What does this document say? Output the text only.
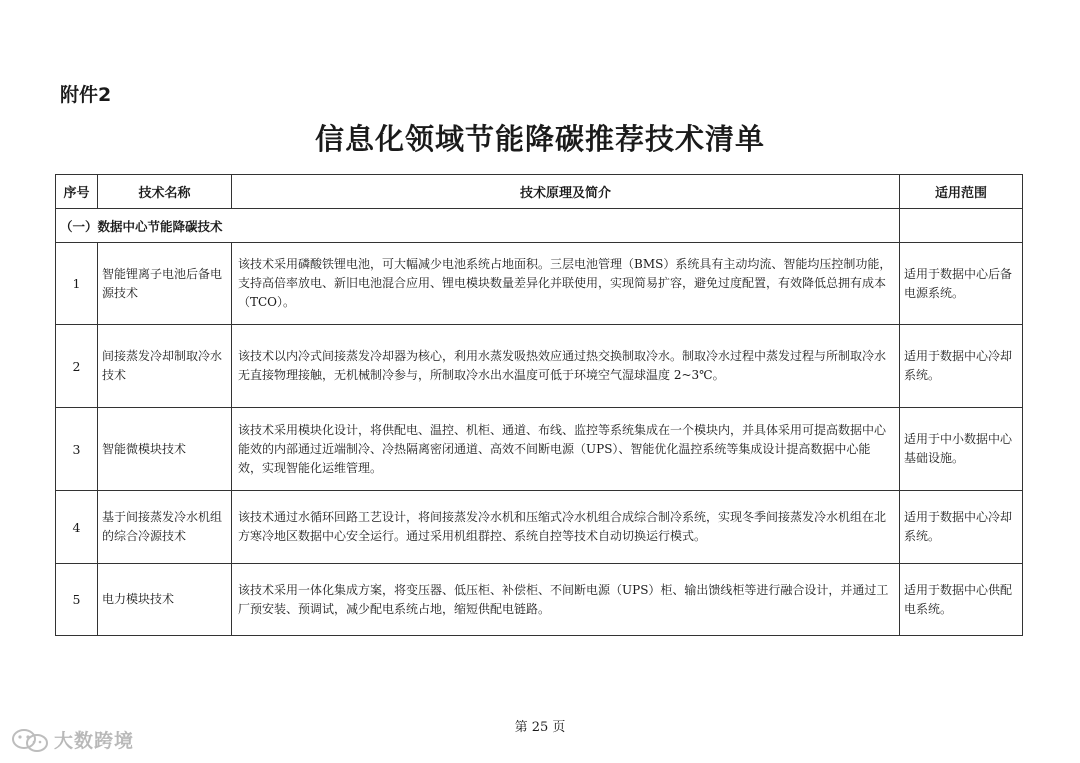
附件2
信息化领域节能降碳推荐技术清单
序号	技术名称	技术原理及简介	适用范围
（一）数据中心节能降碳技术			
1	智能锂离子电池后备电源技术	该技术采用磷酸铁锂电池，可大幅减少电池系统占地面积。三层电池管理（BMS）系统具有主动均流、智能均压控制功能，支持高倍率放电、新旧电池混合应用、锂电模块数量差异化并联使用，实现简易扩容，避免过度配置，有效降低总拥有成本（TCO）。	适用于数据中心后备电源系统。
2	间接蒸发冷却制取冷水技术	该技术以内冷式间接蒸发冷却器为核心，利用水蒸发吸热效应通过热交换制取冷水。制取冷水过程中蒸发过程与所制取冷水无直接物理接触，无机械制冷参与，所制取冷水出水温度可低于环境空气湿球温度 2~3℃。	适用于数据中心冷却系统。
3	智能微模块技术	该技术采用模块化设计，将供配电、温控、机柜、通道、布线、监控等系统集成在一个模块内，并具体采用可提高数据中心能效的内部通过近端制冷、冷热隔离密闭通道、高效不间断电源（UPS）、智能优化温控系统等集成设计提高数据中心能效，实现智能化运维管理。	适用于中小数据中心基础设施。
4	基于间接蒸发冷水机组的综合冷源技术	该技术通过水循环回路工艺设计，将间接蒸发冷水机和压缩式冷水机组合成综合制冷系统，实现冬季间接蒸发冷水机组在北方寒冷地区数据中心安全运行。通过采用机组群控、系统自控等技术自动切换运行模式。	适用于数据中心冷却系统。
5	电力模块技术	该技术采用一体化集成方案，将变压器、低压柜、补偿柜、不间断电源（UPS）柜、输出馈线柜等进行融合设计，并通过工厂预安装、预调试，减少配电系统占地，缩短供配电链路。	适用于数据中心供配电系统。
第 25 页
大数跨境
